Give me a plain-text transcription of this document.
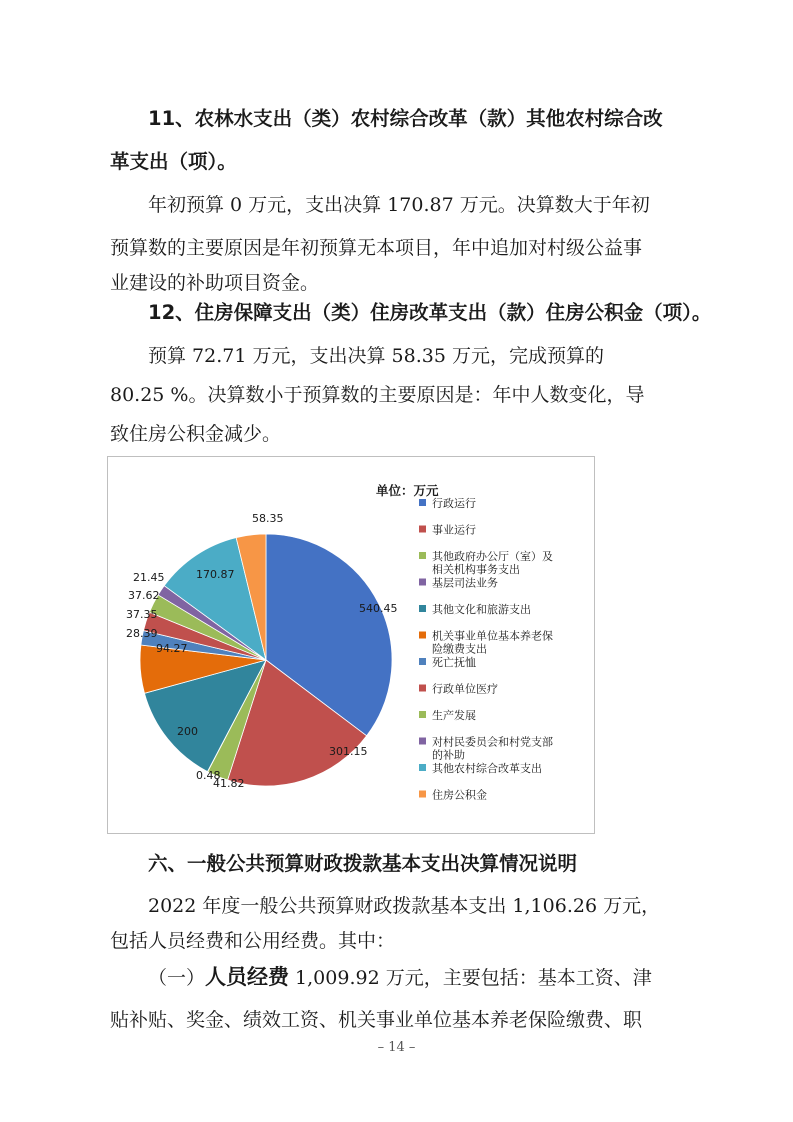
11、农林水支出（类）农村综合改革（款）其他农村综合改
革支出（项）。
年初预算 0 万元，支出决算 170.87 万元。决算数大于年初
预算数的主要原因是年初预算无本项目，年中追加对村级公益事
业建设的补助项目资金。
12、住房保障支出（类）住房改革支出（款）住房公积金（项）。
预算 72.71 万元，支出决算 58.35 万元，完成预算的
80.25 %。决算数小于预算数的主要原因是：年中人数变化，导
致住房公积金减少。
六、一般公共预算财政拨款基本支出决算情况说明
2022 年度一般公共预算财政拨款基本支出 1,106.26 万元，
包括人员经费和公用经费。其中：
（一）人员经费 1,009.92 万元，主要包括：基本工资、津
贴补贴、奖金、绩效工资、机关事业单位基本养老保险缴费、职
540.45
301.15
41.82
0.48
200
94.27
28.39
37.35
37.62
21.45	170.87
58.35
单位：万元
行政运行
事业运行
其他政府办公厅（室）及
相关机构事务支出
基层司法业务
其他文化和旅游支出
机关事业单位基本养老保
险缴费支出
死亡抚恤
行政单位医疗
生产发展
对村民委员会和村党支部
的补助
其他农村综合改革支出
住房公积金
– 14 –
